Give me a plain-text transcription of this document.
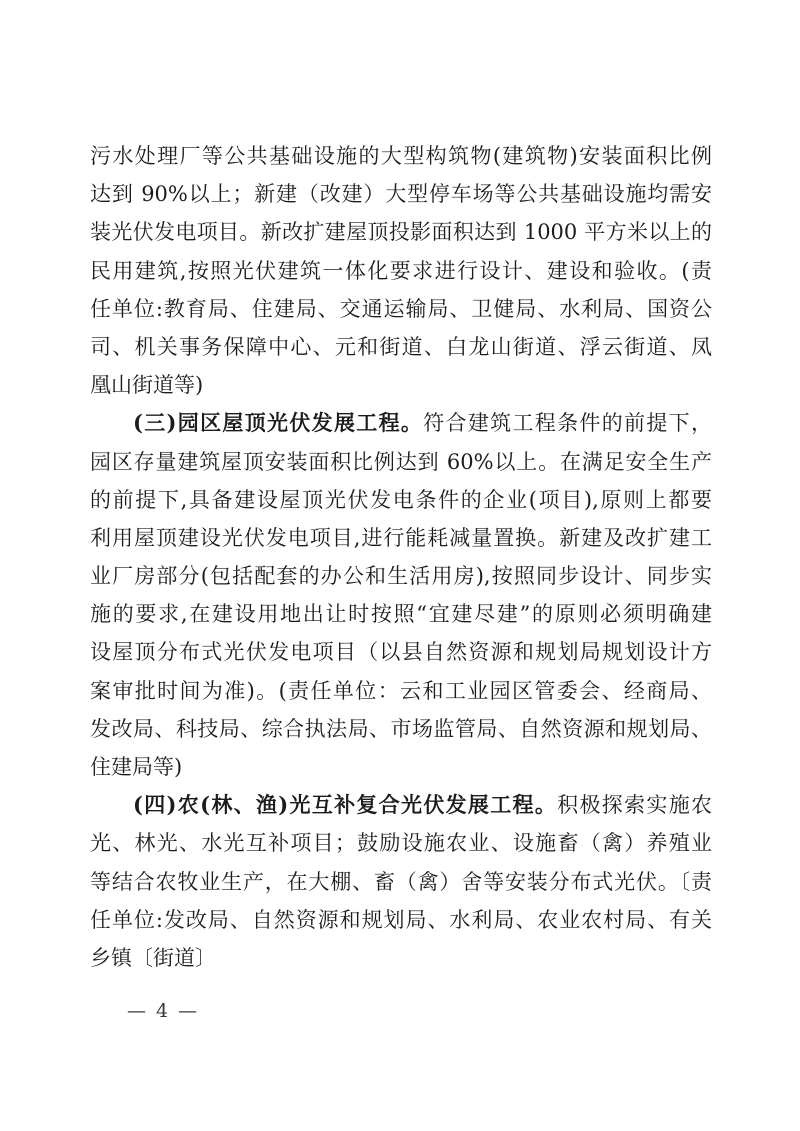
污水处理厂等公共基础设施的大型构筑物(建筑物)安装面积比例
达到 90%以上；新建（改建）大型停车场等公共基础设施均需安
装光伏发电项目。新改扩建屋顶投影面积达到 1000 平方米以上的
民用建筑,按照光伏建筑一体化要求进行设计、建设和验收。(责
任单位:教育局、住建局、交通运输局、卫健局、水利局、国资公
司、机关事务保障中心、元和街道、白龙山街道、浮云街道、凤
凰山街道等)
(三)园区屋顶光伏发展工程。符合建筑工程条件的前提下，
园区存量建筑屋顶安装面积比例达到 60%以上。在满足安全生产
的前提下,具备建设屋顶光伏发电条件的企业(项目),原则上都要
利用屋顶建设光伏发电项目,进行能耗减量置换。新建及改扩建工
业厂房部分(包括配套的办公和生活用房),按照同步设计、同步实
施的要求,在建设用地出让时按照“宜建尽建”的原则必须明确建
设屋顶分布式光伏发电项目（以县自然资源和规划局规划设计方
案审批时间为准)。(责任单位：云和工业园区管委会、经商局、
发改局、科技局、综合执法局、市场监管局、自然资源和规划局、
住建局等)
(四)农(林、渔)光互补复合光伏发展工程。积极探索实施农
光、林光、水光互补项目；鼓励设施农业、设施畜（禽）养殖业
等结合农牧业生产，在大棚、畜（禽）舍等安装分布式光伏。〔责
任单位:发改局、自然资源和规划局、水利局、农业农村局、有关
乡镇〔街道〕
— 4 —
